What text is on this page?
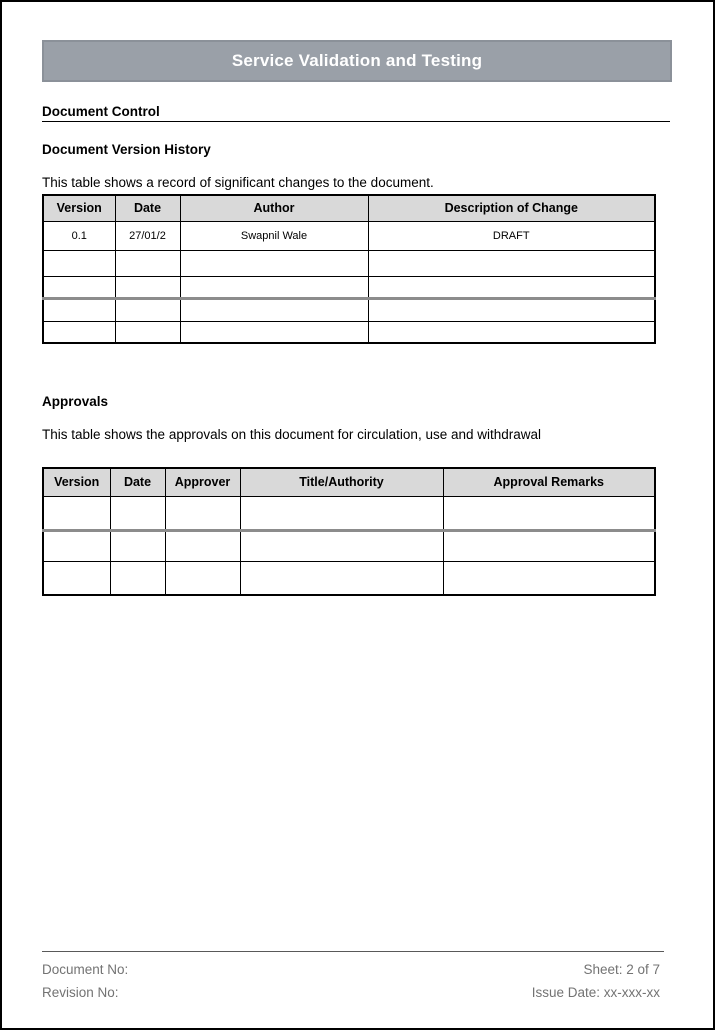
Service Validation and Testing
Document Control
Document Version History
This table shows a record of significant changes to the document.
Version	Date	Author	Description of Change
0.1	27/01/2	Swapnil Wale	DRAFT

Approvals
This table shows the approvals on this document for circulation, use and withdrawal
Version	Date	Approver	Title/Authority	Approval Remarks

Document No:
Revision No:
Sheet: 2 of 7
Issue Date: xx-xxx-xx
